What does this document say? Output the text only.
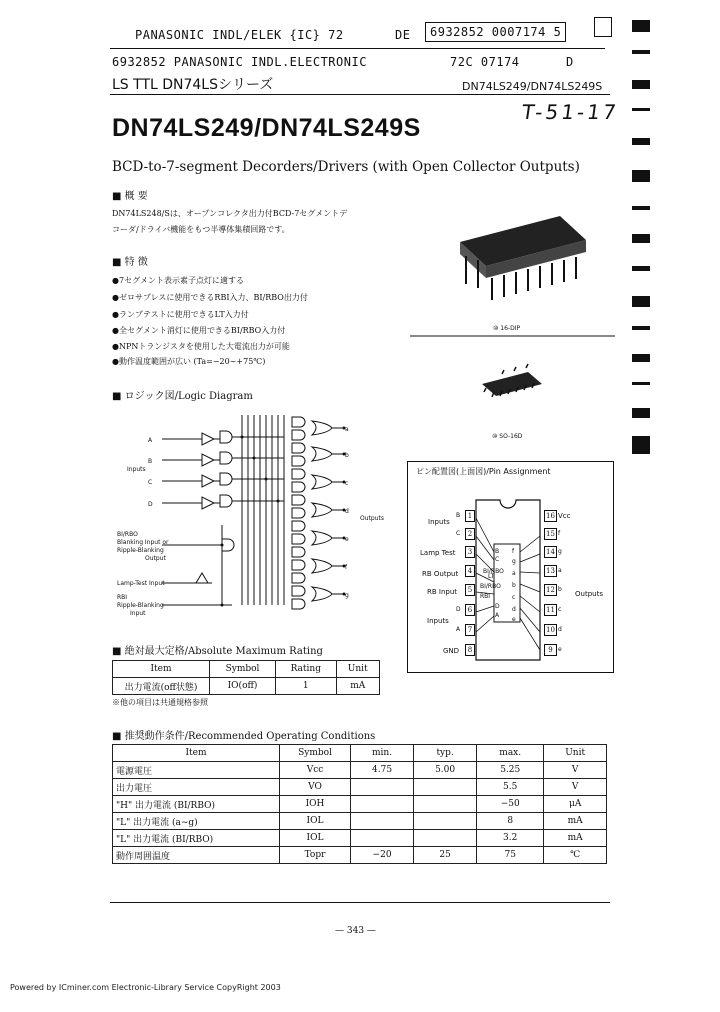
PANASONIC INDL/ELEK {IC} 72	DE	6932852 0007174 5
6932852 PANASONIC INDL.ELECTRONIC	72C 07174	D
LS TTL DN74LSシリーズ	DN74LS249/DN74LS249S
T-51-17
DN74LS249/DN74LS249S
BCD-to-7-segment Decorders/Drivers (with Open Collector Outputs)
■ 概 要
DN74LS248/Sは、オープンコレクタ出力付BCD-7セグメントデ
コーダ/ドライバ機能をもつ半導体集積回路です。
■ 特 徴
●7セグメント表示素子点灯に適する
●ゼロサプレスに使用できるRBI入力、BI/RBO出力付
●ランプテストに使用できるLT入力付
●全セグメント消灯に使用できるBI/RBO入力付
●NPNトランジスタを使用した大電流出力が可能
●動作温度範囲が広い (Ta=−20∼+75℃)
⑩ 16-DIP
⑩ SO-16D
■ ロジック図/Logic Diagram
A
B
C
D
Inputs
a
b
c
d
e
f
g
Outputs
BI/RBO
Blanking Input or
Ripple-Blanking
Output
Lamp-Test Input
RBI
Ripple-Blanking
Input
ピン配置図(上面図)/Pin Assignment
B
C
LT
BI/RBO
RBI
D
A
f
g
a
b
c
d
e
1
2
3
4
5
6
7
8
B
C
D
A
16
15
14
13
12
11
10
9
Vcc
f
g
a
b
c
d
e
Inputs
Lamp Test
BI/RBO
RB Output
RB Input
Inputs
GND
Outputs
■ 絶対最大定格/Absolute Maximum Rating
Item	Symbol	Rating	Unit
出力電流(off状態)	IO(off)	1	mA
※他の項目は共通規格参照
■ 推奨動作条件/Recommended Operating Conditions
Item	Symbol	min.	typ.	max.	Unit
電源電圧	Vcc	4.75	5.00	5.25	V
出力電圧	VO			5.5	V
"H" 出力電流 (BI/RBO)	IOH			−50	μA
"L" 出力電流 (a∼g)	IOL			8	mA
"L" 出力電流 (BI/RBO)	IOL			3.2	mA
動作周囲温度	Topr	−20	25	75	℃
— 343 —
Powered by ICminer.com Electronic-Library Service CopyRight 2003
